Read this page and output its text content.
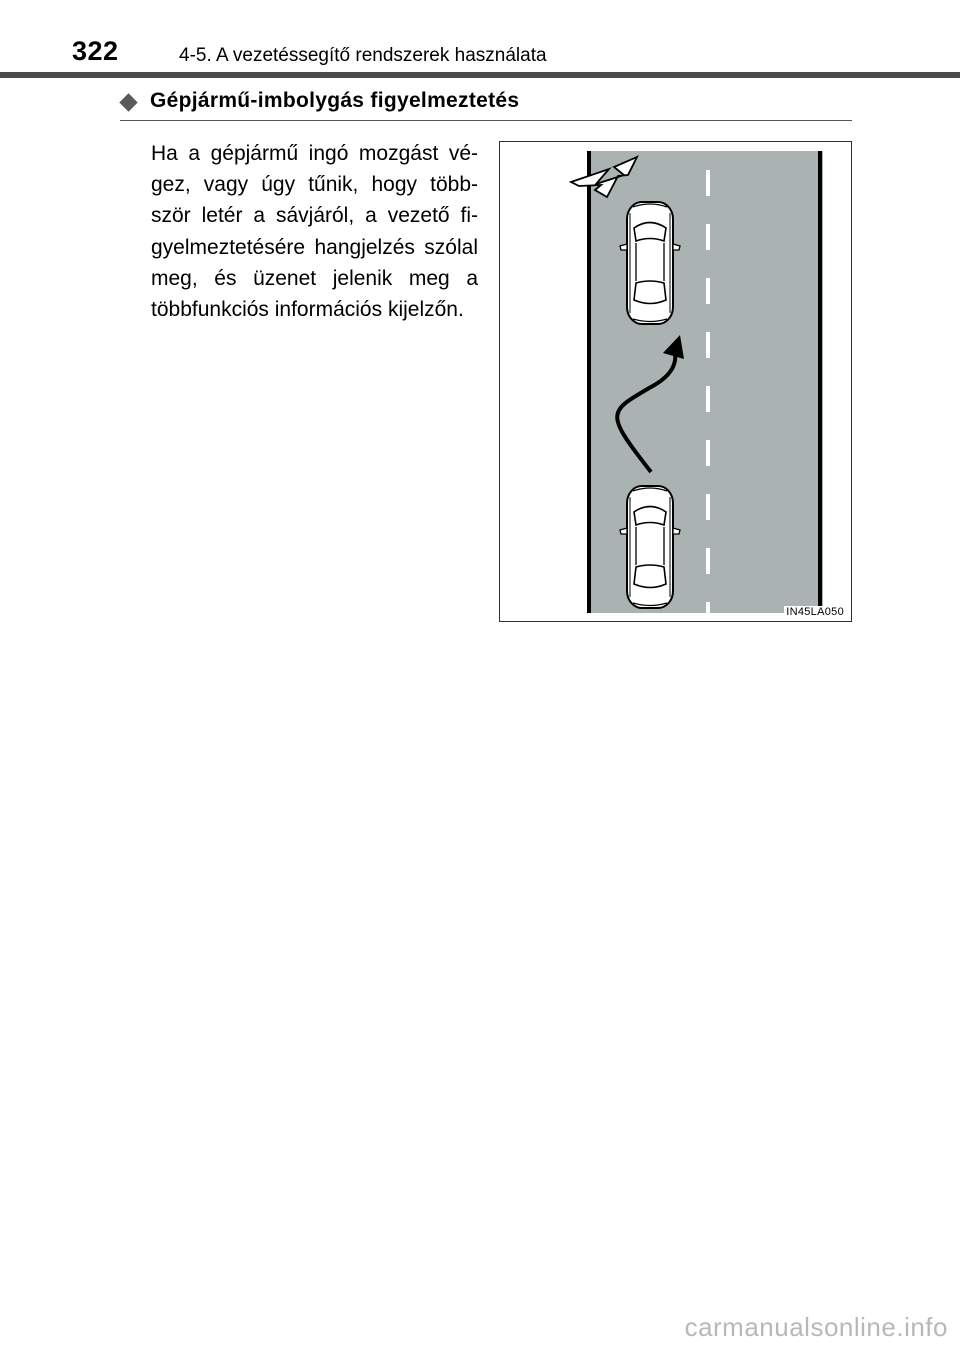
322	4-5. A vezetéssegítő rendszerek használata
Gépjármű-imbolygás figyelmeztetés
Ha a gépjármű ingó mozgást vé- gez, vagy úgy tűnik, hogy több- ször letér a sávjáról, a vezető fi- gyelmeztetésére hangjelzés szólal meg, és üzenet jelenik meg a többfunkciós információs kijelzőn.
IN45LA050
carmanualsonline.info
